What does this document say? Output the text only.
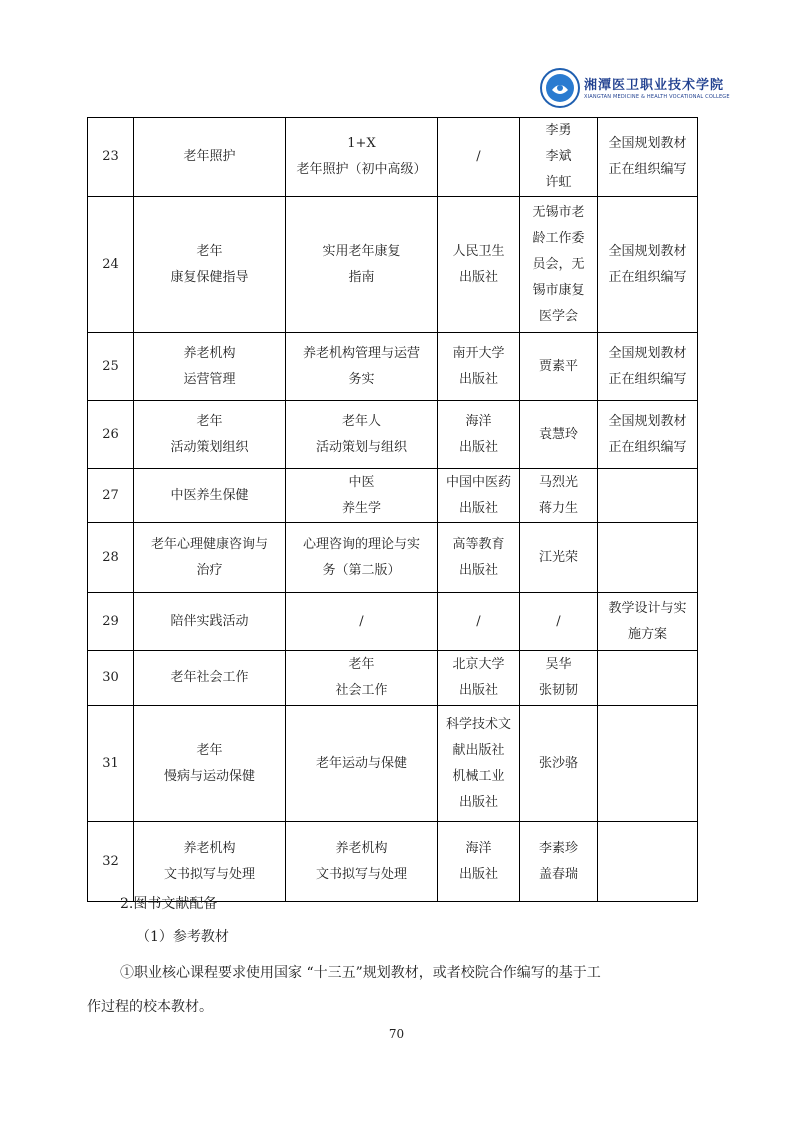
湘潭医卫职业技术学院
XIANGTAN MEDICINE & HEALTH VOCATIONAL COLLEGE
23	老年照护	1+X
老年照护（初中高级）	/	李勇
李斌
许虹	全国规划教材
正在组织编写

24	老年
康复保健指导	实用老年康复
指南	人民卫生
出版社	无锡市老
龄工作委
员会，无
锡市康复
医学会	全国规划教材
正在组织编写

25	养老机构
运营管理	养老机构管理与运营
务实	南开大学
出版社	贾素平	全国规划教材
正在组织编写

26	老年
活动策划组织	老年人
活动策划与组织	海洋
出版社	袁慧玲	全国规划教材
正在组织编写

27	中医养生保健	中医
养生学	中国中医药
出版社	马烈光
蒋力生	

28	老年心理健康咨询与
治疗	心理咨询的理论与实
务（第二版）	高等教育
出版社	江光荣	

29	陪伴实践活动	/	/	/	教学设计与实
施方案

30	老年社会工作	老年
社会工作	北京大学
出版社	吴华
张韧韧	

31	老年
慢病与运动保健	老年运动与保健	科学技术文
献出版社
机械工业
出版社	张沙骆	

32	养老机构
文书拟写与处理	养老机构
文书拟写与处理	海洋
出版社	李素珍
盖春瑞	

2.图书文献配备
（1）参考教材
①职业核心课程要求使用国家 “十三五”规划教材，或者校院合作编写的基于工
作过程的校本教材。
70
